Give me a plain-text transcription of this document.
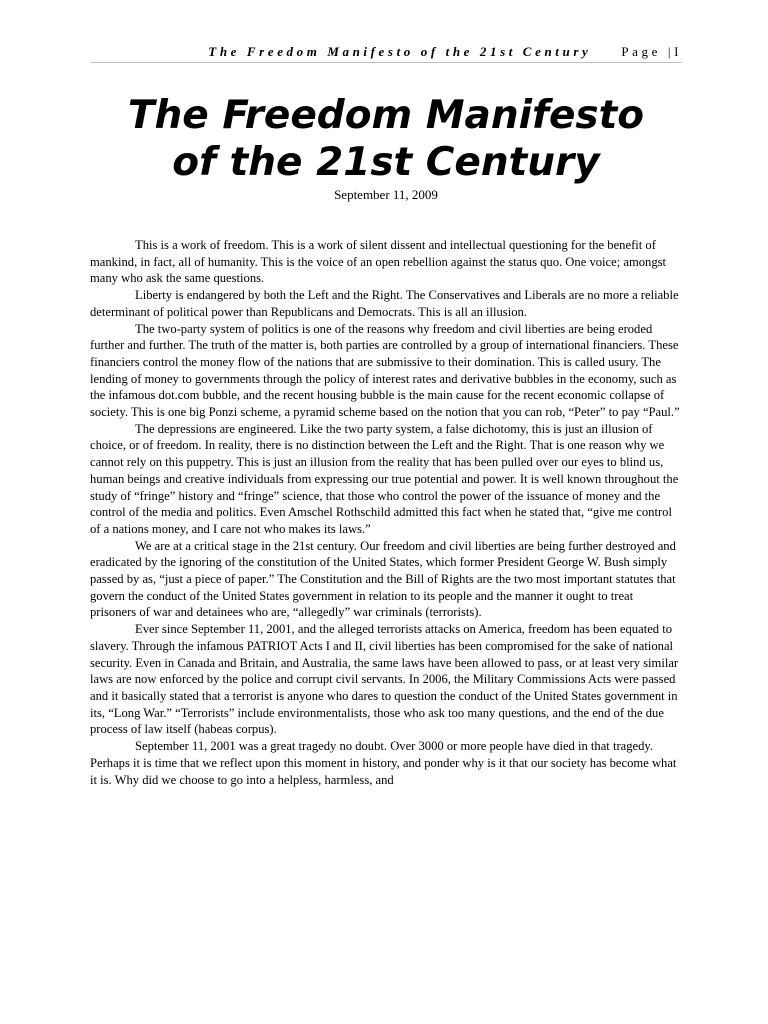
The Freedom Manifesto of the 21st Century Page |I
The Freedom Manifesto
of the 21st Century
September 11, 2009

This is a work of freedom. This is a work of silent dissent and intellectual questioning for the benefit of mankind, in fact, all of humanity. This is the voice of an open rebellion against the status quo. One voice; amongst many who ask the same questions.

Liberty is endangered by both the Left and the Right. The Conservatives and Liberals are no more a reliable determinant of political power than Republicans and Democrats. This is all an illusion.

The two-party system of politics is one of the reasons why freedom and civil liberties are being eroded further and further. The truth of the matter is, both parties are controlled by a group of international financiers. These financiers control the money flow of the nations that are submissive to their domination. This is called usury. The lending of money to governments through the policy of interest rates and derivative bubbles in the economy, such as the infamous dot.com bubble, and the recent housing bubble is the main cause for the recent economic collapse of society. This is one big Ponzi scheme, a pyramid scheme based on the notion that you can rob, “Peter” to pay “Paul.”

The depressions are engineered. Like the two party system, a false dichotomy, this is just an illusion of choice, or of freedom. In reality, there is no distinction between the Left and the Right. That is one reason why we cannot rely on this puppetry. This is just an illusion from the reality that has been pulled over our eyes to blind us, human beings and creative individuals from expressing our true potential and power. It is well known throughout the study of “fringe” history and “fringe” science, that those who control the power of the issuance of money and the control of the media and politics. Even Amschel Rothschild admitted this fact when he stated that, “give me control of a nations money, and I care not who makes its laws.”

We are at a critical stage in the 21st century. Our freedom and civil liberties are being further destroyed and eradicated by the ignoring of the constitution of the United States, which former President George W. Bush simply passed by as, “just a piece of paper.” The Constitution and the Bill of Rights are the two most important statutes that govern the conduct of the United States government in relation to its people and the manner it ought to treat prisoners of war and detainees who are, “allegedly” war criminals (terrorists).

Ever since September 11, 2001, and the alleged terrorists attacks on America, freedom has been equated to slavery. Through the infamous PATRIOT Acts I and II, civil liberties has been compromised for the sake of national security. Even in Canada and Britain, and Australia, the same laws have been allowed to pass, or at least very similar laws are now enforced by the police and corrupt civil servants. In 2006, the Military Commissions Acts were passed and it basically stated that a terrorist is anyone who dares to question the conduct of the United States government in its, “Long War.” “Terrorists” include environmentalists, those who ask too many questions, and the end of the due process of law itself (habeas corpus).

September 11, 2001 was a great tragedy no doubt. Over 3000 or more people have died in that tragedy. Perhaps it is time that we reflect upon this moment in history, and ponder why is it that our society has become what it is. Why did we choose to go into a helpless, harmless, and
